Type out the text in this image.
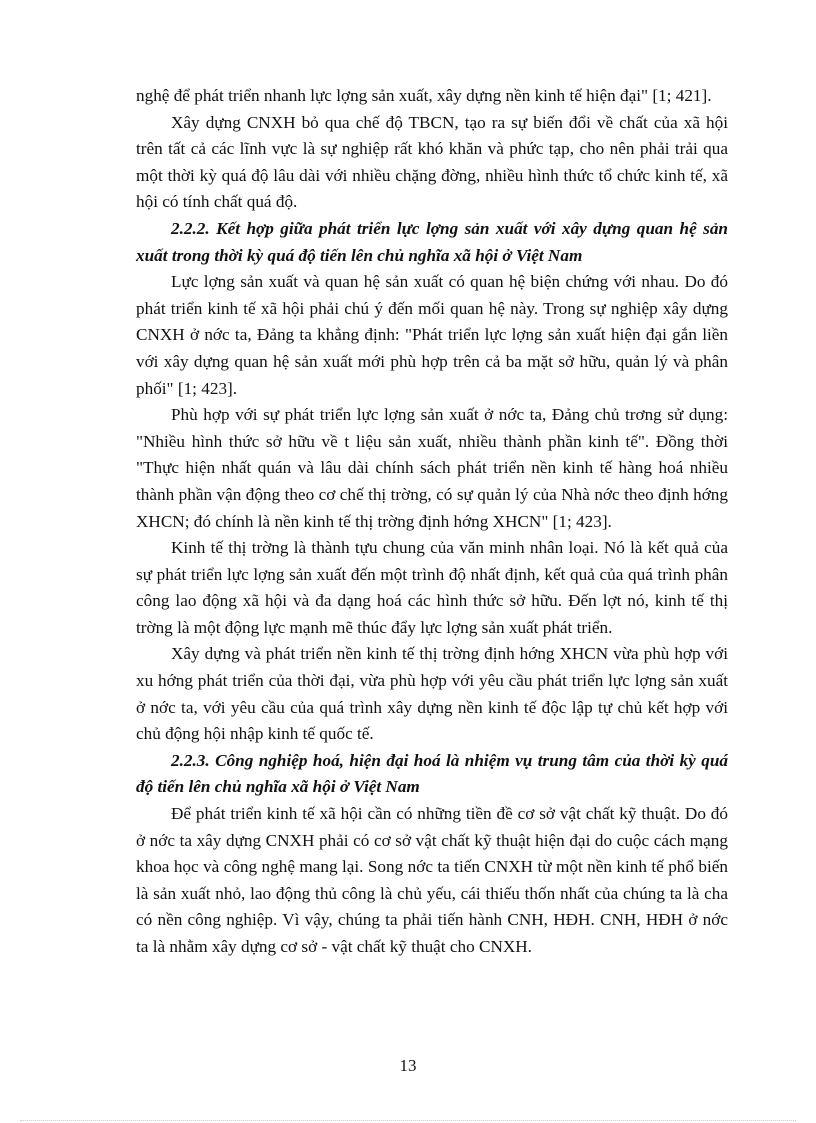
nghệ để phát triển nhanh lực lợng sản xuất, xây dựng nền kinh tế hiện đại" [1; 421].

Xây dựng CNXH bỏ qua chế độ TBCN, tạo ra sự biến đổi về chất của xã hội trên tất cả các lĩnh vực là sự nghiệp rất khó khăn và phức tạp, cho nên phải trải qua một thời kỳ quá độ lâu dài với nhiều chặng đờng, nhiều hình thức tổ chức kinh tế, xã hội có tính chất quá độ.

2.2.2. Kết hợp giữa phát triển lực lợng sản xuất với xây dựng quan hệ sản xuất trong thời kỳ quá độ tiến lên chủ nghĩa xã hội ở Việt Nam

Lực lợng sản xuất và quan hệ sản xuất có quan hệ biện chứng với nhau. Do đó phát triển kinh tế xã hội phải chú ý đến mối quan hệ này. Trong sự nghiệp xây dựng CNXH ở nớc ta, Đảng ta khẳng định: "Phát triển lực lợng sản xuất hiện đại gắn liền với xây dựng quan hệ sản xuất mới phù hợp trên cả ba mặt sở hữu, quản lý và phân phối" [1; 423].

Phù hợp với sự phát triển lực lợng sản xuất ở nớc ta, Đảng chủ trơng sử dụng: "Nhiều hình thức sở hữu về t liệu sản xuất, nhiều thành phần kinh tế". Đồng thời "Thực hiện nhất quán và lâu dài chính sách phát triển nền kinh tế hàng hoá nhiều thành phần vận động theo cơ chế thị trờng, có sự quản lý của Nhà nớc theo định hớng XHCN; đó chính là nền kinh tế thị trờng định hớng XHCN" [1; 423].

Kinh tế thị trờng là thành tựu chung của văn minh nhân loại. Nó là kết quả của sự phát triển lực lợng sản xuất đến một trình độ nhất định, kết quả của quá trình phân công lao động xã hội và đa dạng hoá các hình thức sở hữu. Đến lợt nó, kinh tế thị trờng là một động lực mạnh mẽ thúc đẩy lực lợng sản xuất phát triển.

Xây dựng và phát triển nền kinh tế thị trờng định hớng XHCN vừa phù hợp với xu hớng phát triển của thời đại, vừa phù hợp với yêu cầu phát triển lực lợng sản xuất ở nớc ta, với yêu cầu của quá trình xây dựng nền kinh tế độc lập tự chủ kết hợp với chủ động hội nhập kinh tế quốc tế.

2.2.3. Công nghiệp hoá, hiện đại hoá là nhiệm vụ trung tâm của thời kỳ quá độ tiến lên chủ nghĩa xã hội ở Việt Nam

Để phát triển kinh tế xã hội cần có những tiền đề cơ sở vật chất kỹ thuật. Do đó ở nớc ta xây dựng CNXH phải có cơ sở vật chất kỹ thuật hiện đại do cuộc cách mạng khoa học và công nghệ mang lại. Song nớc ta tiến CNXH từ một nền kinh tế phổ biến là sản xuất nhỏ, lao động thủ công là chủ yếu, cái thiếu thốn nhất của chúng ta là cha có nền công nghiệp. Vì vậy, chúng ta phải tiến hành CNH, HĐH. CNH, HĐH ở nớc ta là nhằm xây dựng cơ sở - vật chất kỹ thuật cho CNXH.

13
